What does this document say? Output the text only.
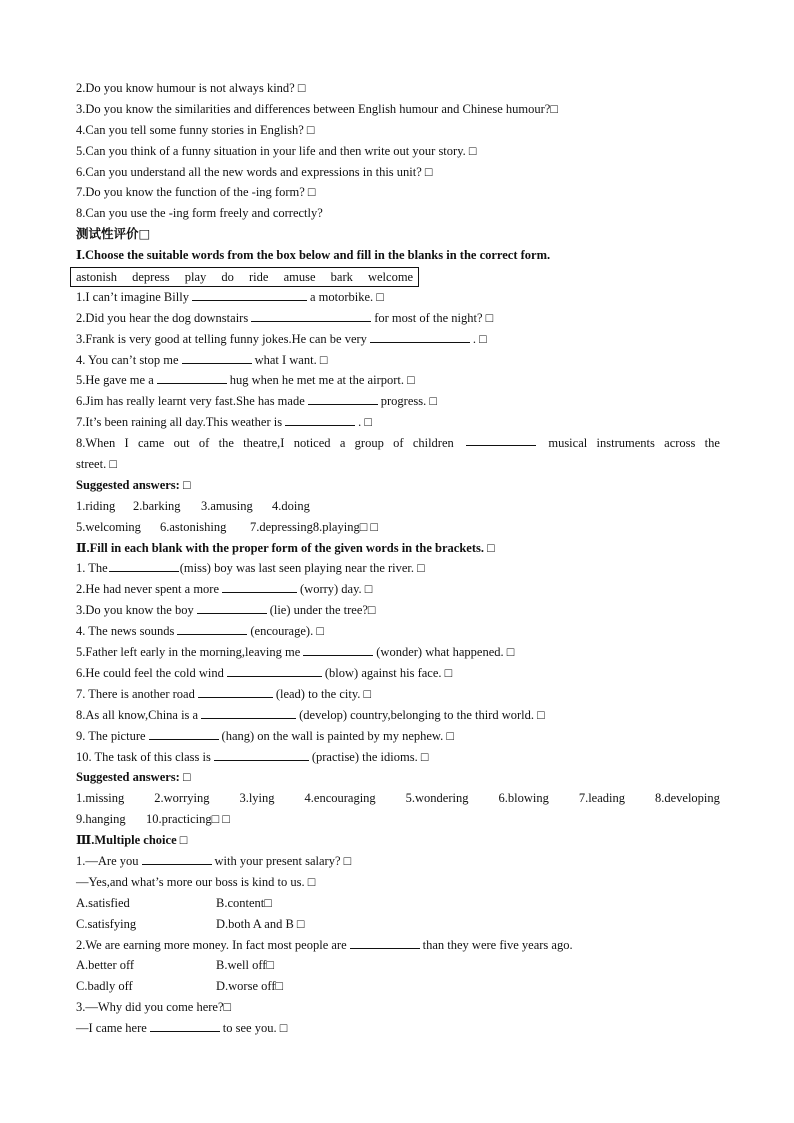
2.Do you know humour is not always kind? □
3.Do you know the similarities and differences between English humour and Chinese humour?□
4.Can you tell some funny stories in English? □
5.Can you think of a funny situation in your life and then write out your story. □
6.Can you understand all the new words and expressions in this unit? □
7.Do you know the function of the -ing form? □
8.Can you use the -ing form freely and correctly?
测试性评价□
Ⅰ.Choose the suitable words from the box below and fill in the blanks in the correct form.
astonish depress play do ride amuse bark welcome
1.I can’t imagine Billy	a motorbike. □
2.Did you hear the dog downstairs	for most of the night? □
3.Frank is very good at telling funny jokes.He can be very	. □
4. You can’t stop me	what I want. □
5.He gave me a	hug when he met me at the airport. □
6.Jim has really learnt very fast.She has made	progress. □
7.It’s been raining all day.This weather is	. □
8.When I came out of the theatre,I noticed a group of children	musical instruments across the
street. □
Suggested answers: □
1.riding 2.barking 3.amusing 4.doing
5.welcoming 6.astonishing 7.depressing8.playing□ □
Ⅱ.Fill in each blank with the proper form of the given words in the brackets. □
1. The	(miss) boy was last seen playing near the river. □
2.He had never spent a more	(worry) day. □
3.Do you know the boy	(lie) under the tree?□
4. The news sounds	(encourage). □
5.Father left early in the morning,leaving me	(wonder) what happened. □
6.He could feel the cold wind	(blow) against his face. □
7. There is another road	(lead) to the city. □
8.As all know,China is a	(develop) country,belonging to the third world. □
9. The picture	(hang) on the wall is painted by my nephew. □
10. The task of this class is	(practise) the idioms. □
Suggested answers: □
1.missing 2.worrying 3.lying 4.encouraging 5.wondering 6.blowing 7.leading 8.developing
9.hanging 10.practicing□ □
Ⅲ.Multiple choice □
1.—Are you	with your present salary? □
—Yes,and what’s more our boss is kind to us. □
A.satisfied	B.content□
C.satisfying	D.both A and B □
2.We are earning more money. In fact most people are	than they were five years ago.
A.better off	B.well off□
C.badly off	D.worse off□
3.—Why did you come here?□
—I came here	to see you. □
